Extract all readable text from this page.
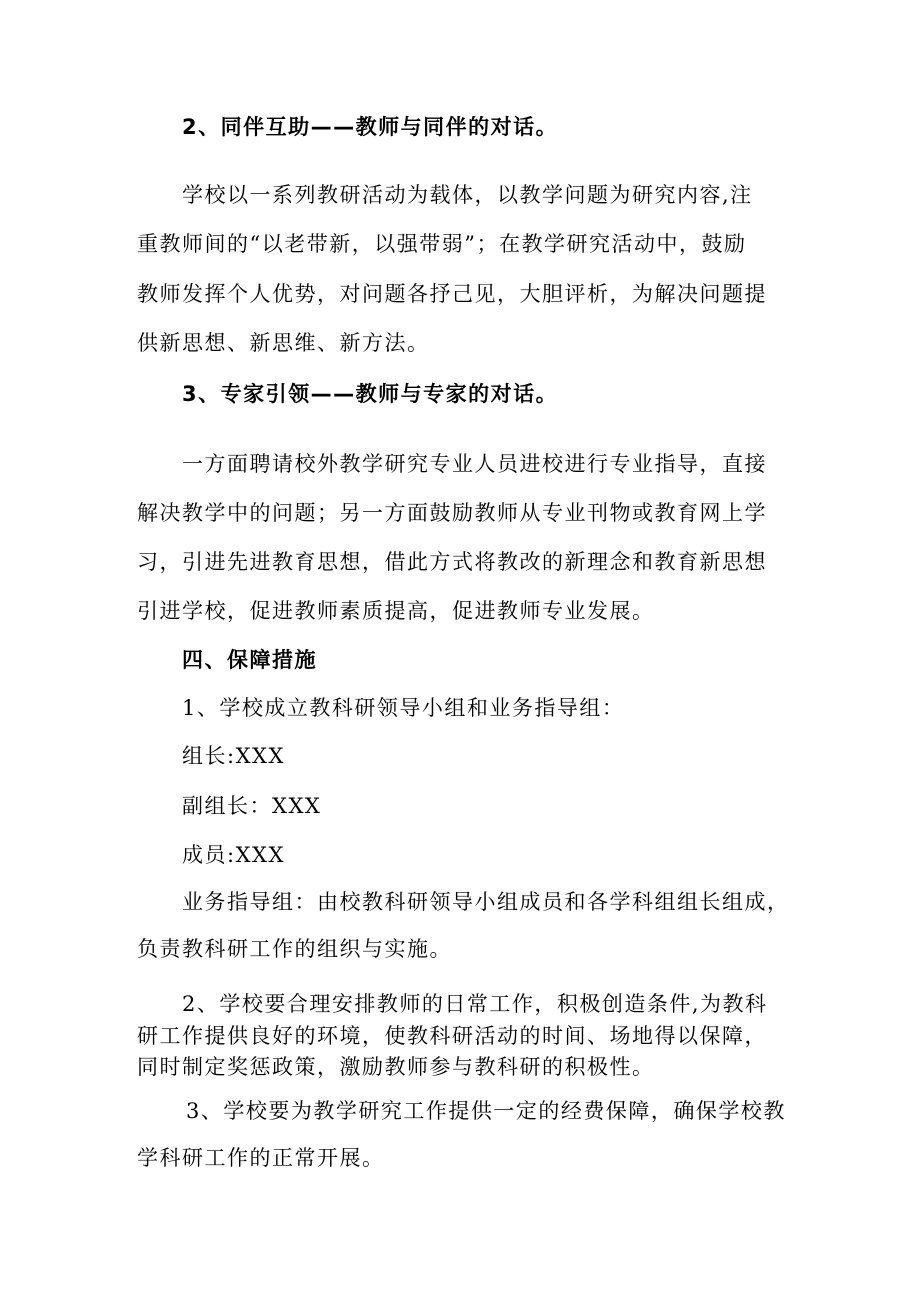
2、同伴互助——教师与同伴的对话。
学校以一系列教研活动为载体，以教学问题为研究内容,注
重教师间的“以老带新，以强带弱”；在教学研究活动中，鼓励
教师发挥个人优势，对问题各抒己见，大胆评析，为解决问题提
供新思想、新思维、新方法。
3、专家引领——教师与专家的对话。
一方面聘请校外教学研究专业人员进校进行专业指导，直接
解决教学中的问题；另一方面鼓励教师从专业刊物或教育网上学
习，引进先进教育思想，借此方式将教改的新理念和教育新思想
引进学校，促进教师素质提高，促进教师专业发展。
四、保障措施
1、学校成立教科研领导小组和业务指导组：
组长:XXX
副组长：XXX
成员:XXX
业务指导组：由校教科研领导小组成员和各学科组组长组成，
负责教科研工作的组织与实施。
2、学校要合理安排教师的日常工作，积极创造条件,为教科
研工作提供良好的环境，使教科研活动的时间、场地得以保障，
同时制定奖惩政策，激励教师参与教科研的积极性。
3、学校要为教学研究工作提供一定的经费保障，确保学校教
学科研工作的正常开展。
